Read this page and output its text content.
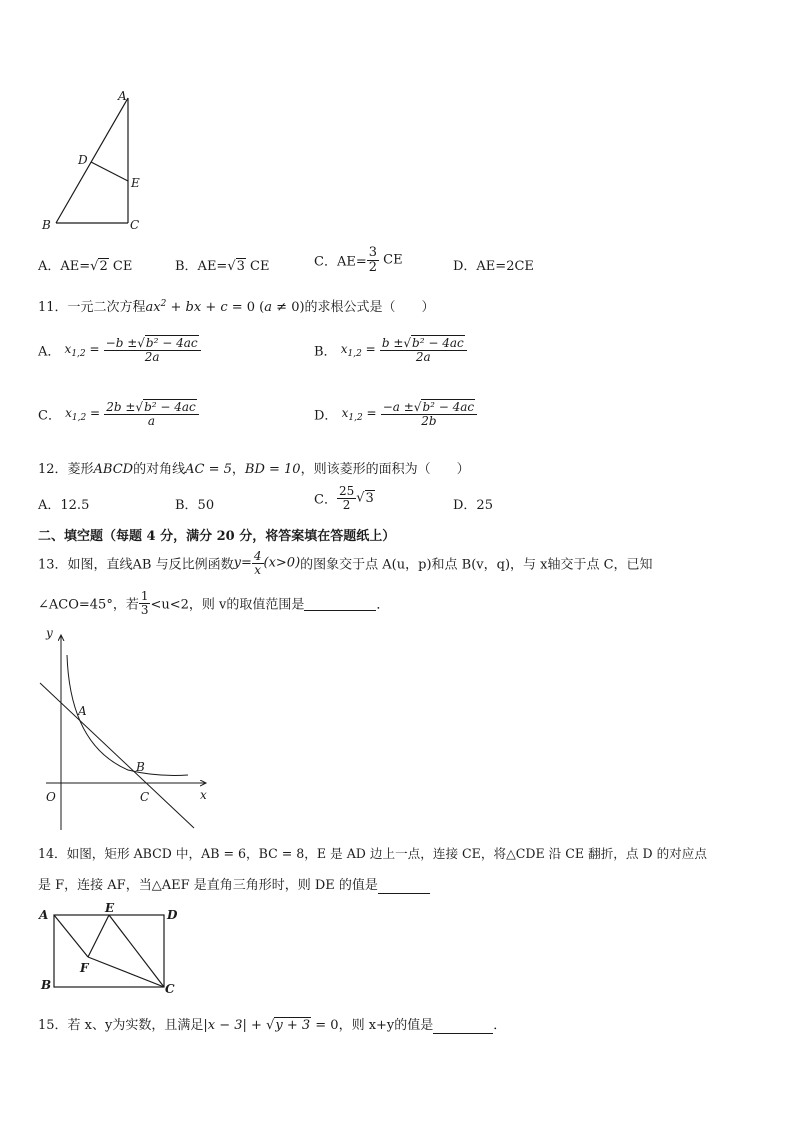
A
D
E
B	C
A．AE=√2 CE	B．AE=√3 CE	C．$AE= \frac{3}{2}$ CE	D．AE=2CE
11．一元二次方程$ax^2$ + bx + c = 0 (a ≠ 0)的求根公式是（　　）
A． $x_{1,2} = \frac{\text{−b ±√b² − 4ac}}{2a}$	B． $x_{1,2} = \frac{\text{b ±√b² − 4ac}}{2a}$
C． $x_{1,2} = \frac{\text{2b ±√b² − 4ac}}{a}$	D． $x_{1,2} = \frac{\text{−a ±√b² − 4ac}}{2b}$
12．菱形ABCD的对角线AC = 5，BD = 10，则该菱形的面积为（　　）
A．12.5	B．50	C． $\frac{25}{2} √3$	D．25
二、填空题（每题 4 分，满分 20 分，将答案填在答题纸上）
13．如图，直线AB 与反比例函数$y= \frac{4}{x} (x>0)$的图象交于点 A(u，p)和点 B(v，q)，与 x轴交于点 C，已知
∠ACO=45°，若 $\frac{1}{3} <u<2$，则 v的取值范围是	．
y
x
O
A
B
C
14．如图，矩形 ABCD 中，AB = 6，BC = 8，E 是 AD 边上一点，连接 CE，将△CDE 沿 CE 翻折，点 D 的对应点
是 F，连接 AF，当△AEF 是直角三角形时，则 DE 的值是
A	E	D
F
B	C
15．若 x、y为实数，且满足|x − 3| + √y + 3 = 0，则 x+y的值是	．
